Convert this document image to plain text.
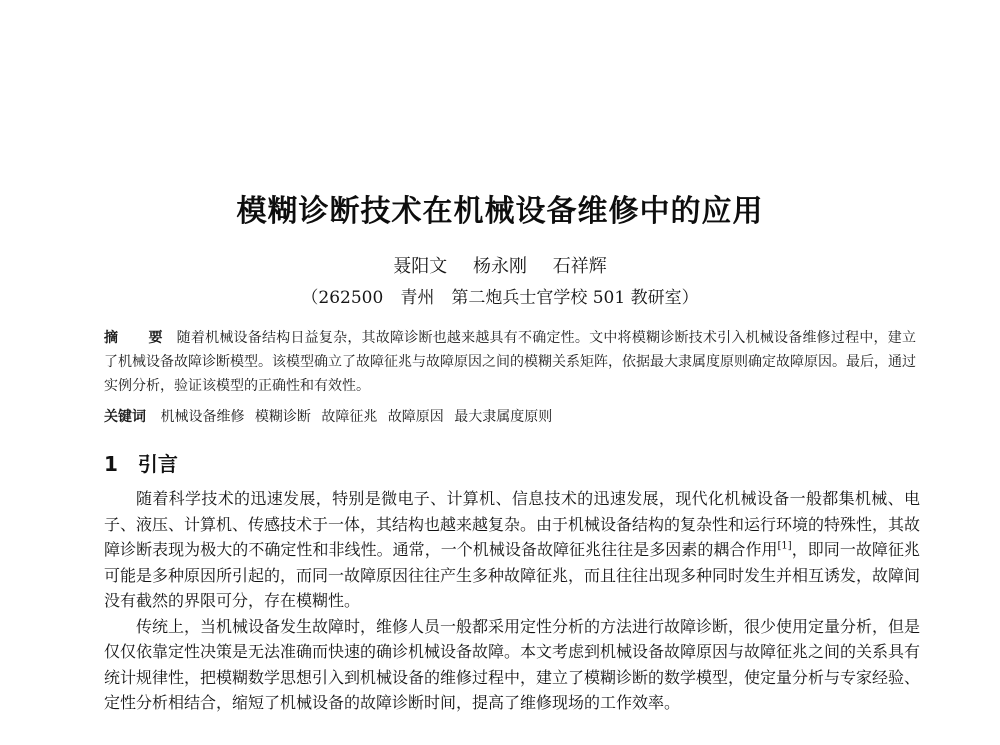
模糊诊断技术在机械设备维修中的应用
聂阳文 杨永刚 石祥辉
（262500　青州　第二炮兵士官学校 501 教研室）
摘　要 随着机械设备结构日益复杂，其故障诊断也越来越具有不确定性。文中将模糊诊断技术引入机械设备维修过程中，建立了机械设备故障诊断模型。该模型确立了故障征兆与故障原因之间的模糊关系矩阵，依据最大隶属度原则确定故障原因。最后，通过实例分析，验证该模型的正确性和有效性。
关键词 机械设备维修 模糊诊断 故障征兆 故障原因 最大隶属度原则
1 引言

随着科学技术的迅速发展，特别是微电子、计算机、信息技术的迅速发展，现代化机械设备一般都集机械、电子、液压、计算机、传感技术于一体，其结构也越来越复杂。由于机械设备结构的复杂性和运行环境的特殊性，其故障诊断表现为极大的不确定性和非线性。通常，一个机械设备故障征兆往往是多因素的耦合作用[1]，即同一故障征兆可能是多种原因所引起的，而同一故障原因往往产生多种故障征兆，而且往往出现多种同时发生并相互诱发，故障间没有截然的界限可分，存在模糊性。

传统上，当机械设备发生故障时，维修人员一般都采用定性分析的方法进行故障诊断，很少使用定量分析，但是仅仅依靠定性决策是无法准确而快速的确诊机械设备故障。本文考虑到机械设备故障原因与故障征兆之间的关系具有统计规律性，把模糊数学思想引入到机械设备的维修过程中，建立了模糊诊断的数学模型，使定量分析与专家经验、定性分析相结合，缩短了机械设备的故障诊断时间，提高了维修现场的工作效率。
